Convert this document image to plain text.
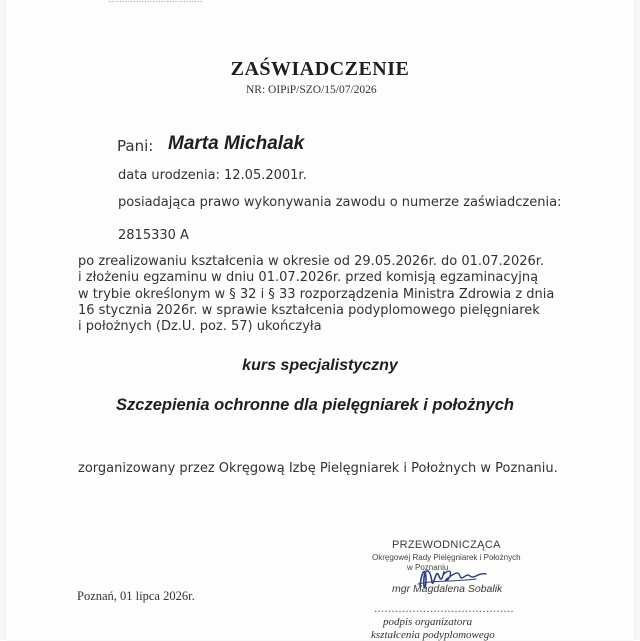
ZAŚWIADCZENIE
NR: OIPiP/SZO/15/07/2026
Pani: Marta Michalak
data urodzenia: 12.05.2001r.
posiadająca prawo wykonywania zawodu o numerze zaświadczenia:
2815330 A
po zrealizowaniu kształcenia w okresie od 29.05.2026r. do 01.07.2026r.
i złożeniu egzaminu w dniu 01.07.2026r. przed komisją egzaminacyjną
w trybie określonym w § 32 i § 33 rozporządzenia Ministra Zdrowia z dnia
16 stycznia 2026r. w sprawie kształcenia podyplomowego pielęgniarek
i położnych (Dz.U. poz. 57) ukończyła
kurs specjalistyczny
Szczepienia ochronne dla pielęgniarek i położnych
zorganizowany przez Okręgową Izbę Pielęgniarek i Położnych w Poznaniu.
PRZEWODNICZĄCA
Okręgowej Rady Pielęgniarek i Położnych
w Poznaniu
mgr Magdalena Sobalik
Poznań, 01 lipca 2026r.
........................................
podpis organizatora
kształcenia podyplomowego
